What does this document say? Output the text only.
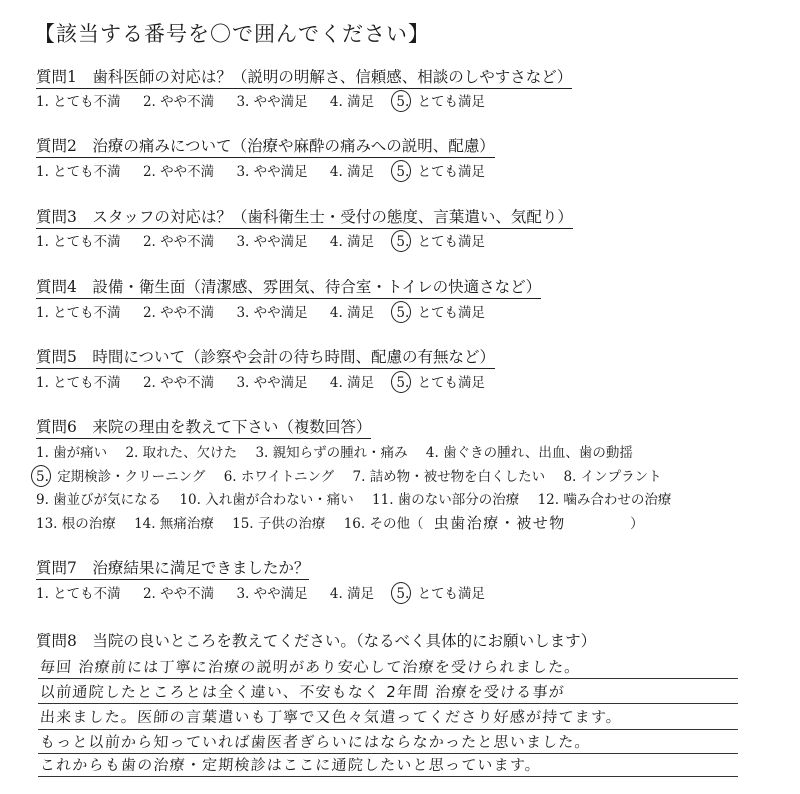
【該当する番号を〇で囲んでください】
質問1　歯科医師の対応は？（説明の明解さ、信頼感、相談のしやすさなど）
1. とても不満 2. やや不満 3. やや満足 4. 満足 5. とても満足
質問2　治療の痛みについて（治療や麻酔の痛みへの説明、配慮）
1. とても不満 2. やや不満 3. やや満足 4. 満足 5. とても満足
質問3　スタッフの対応は？（歯科衛生士・受付の態度、言葉遣い、気配り）
1. とても不満 2. やや不満 3. やや満足 4. 満足 5. とても満足
質問4　設備・衛生面（清潔感、雰囲気、待合室・トイレの快適さなど）
1. とても不満 2. やや不満 3. やや満足 4. 満足 5. とても満足
質問5　時間について（診察や会計の待ち時間、配慮の有無など）
1. とても不満 2. やや不満 3. やや満足 4. 満足 5. とても満足
質問6　来院の理由を教えて下さい（複数回答）
1. 歯が痛い 2. 取れた、欠けた 3. 親知らずの腫れ・痛み 4. 歯ぐきの腫れ、出血、歯の動揺
5. 定期検診・クリーニング 6. ホワイトニング 7. 詰め物・被せ物を白くしたい 8. インプラント
9. 歯並びが気になる 10. 入れ歯が合わない・痛い 11. 歯のない部分の治療 12. 噛み合わせの治療
13. 根の治療 14. 無痛治療 15. 子供の治療 16. その他（ 虫歯治療・被せ物	）
質問7　治療結果に満足できましたか？
1. とても不満 2. やや不満 3. やや満足 4. 満足 5. とても満足
質問8　当院の良いところを教えてください。（なるべく具体的にお願いします）
毎回 治療前には丁寧に治療の説明があり安心して治療を受けられました。
以前通院したところとは全く違い、不安もなく 2年間 治療を受ける事が
出来ました。医師の言葉遣いも丁寧で又色々気遣ってくださり好感が持てます。
もっと以前から知っていれば歯医者ぎらいにはならなかったと思いました。
これからも歯の治療・定期検診はここに通院したいと思っています。
